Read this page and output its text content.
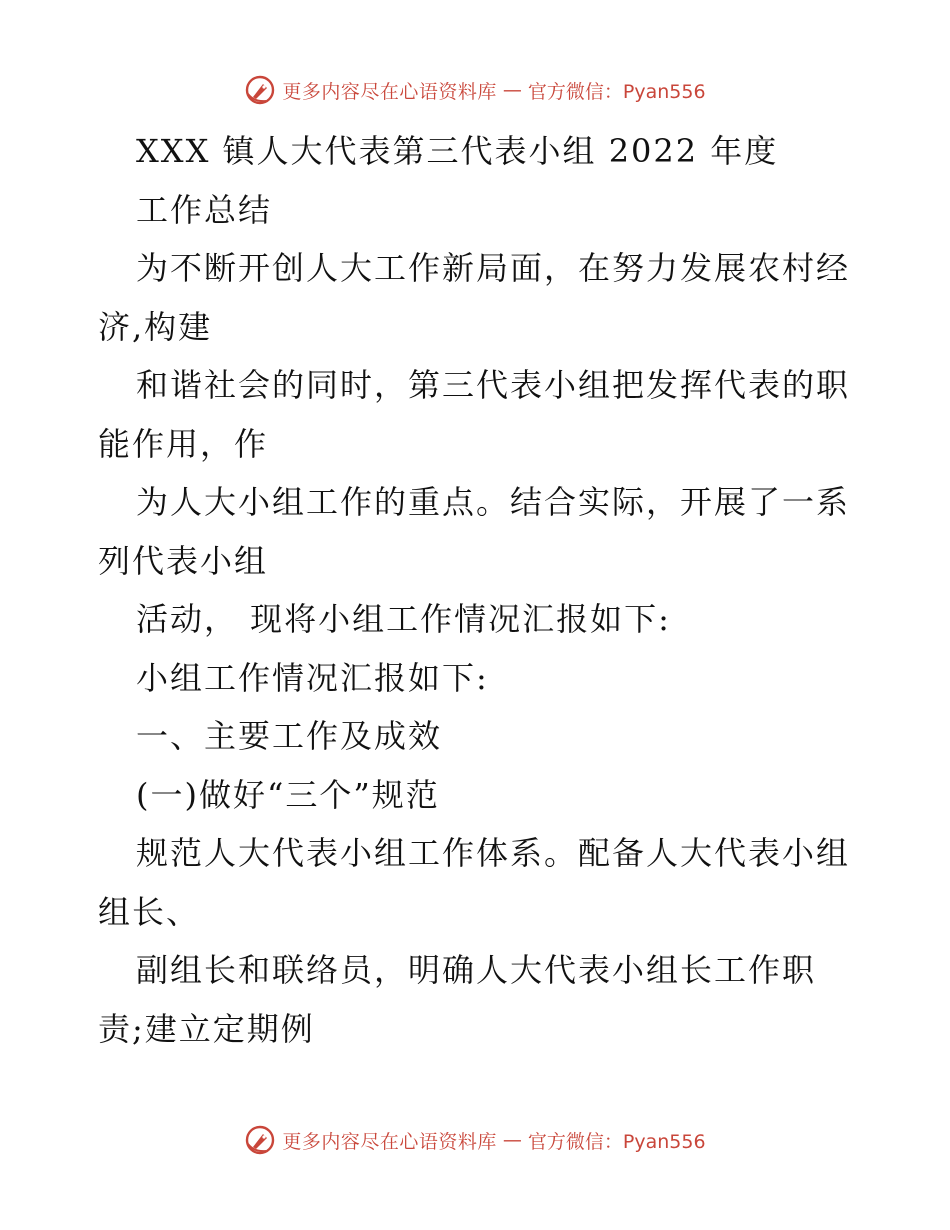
更多内容尽在心语资料库 — 官方微信：Pyan556
XXX 镇人大代表第三代表小组 2022 年度
工作总结
为不断开创人大工作新局面，在努力发展农村经
济,构建
和谐社会的同时，第三代表小组把发挥代表的职
能作用，作
为人大小组工作的重点。结合实际，开展了一系
列代表小组
活动， 现将小组工作情况汇报如下:
小组工作情况汇报如下:
一、主要工作及成效
(一)做好“三个”规范
规范人大代表小组工作体系。配备人大代表小组
组长、
副组长和联络员，明确人大代表小组长工作职
责;建立定期例
更多内容尽在心语资料库 — 官方微信：Pyan556
